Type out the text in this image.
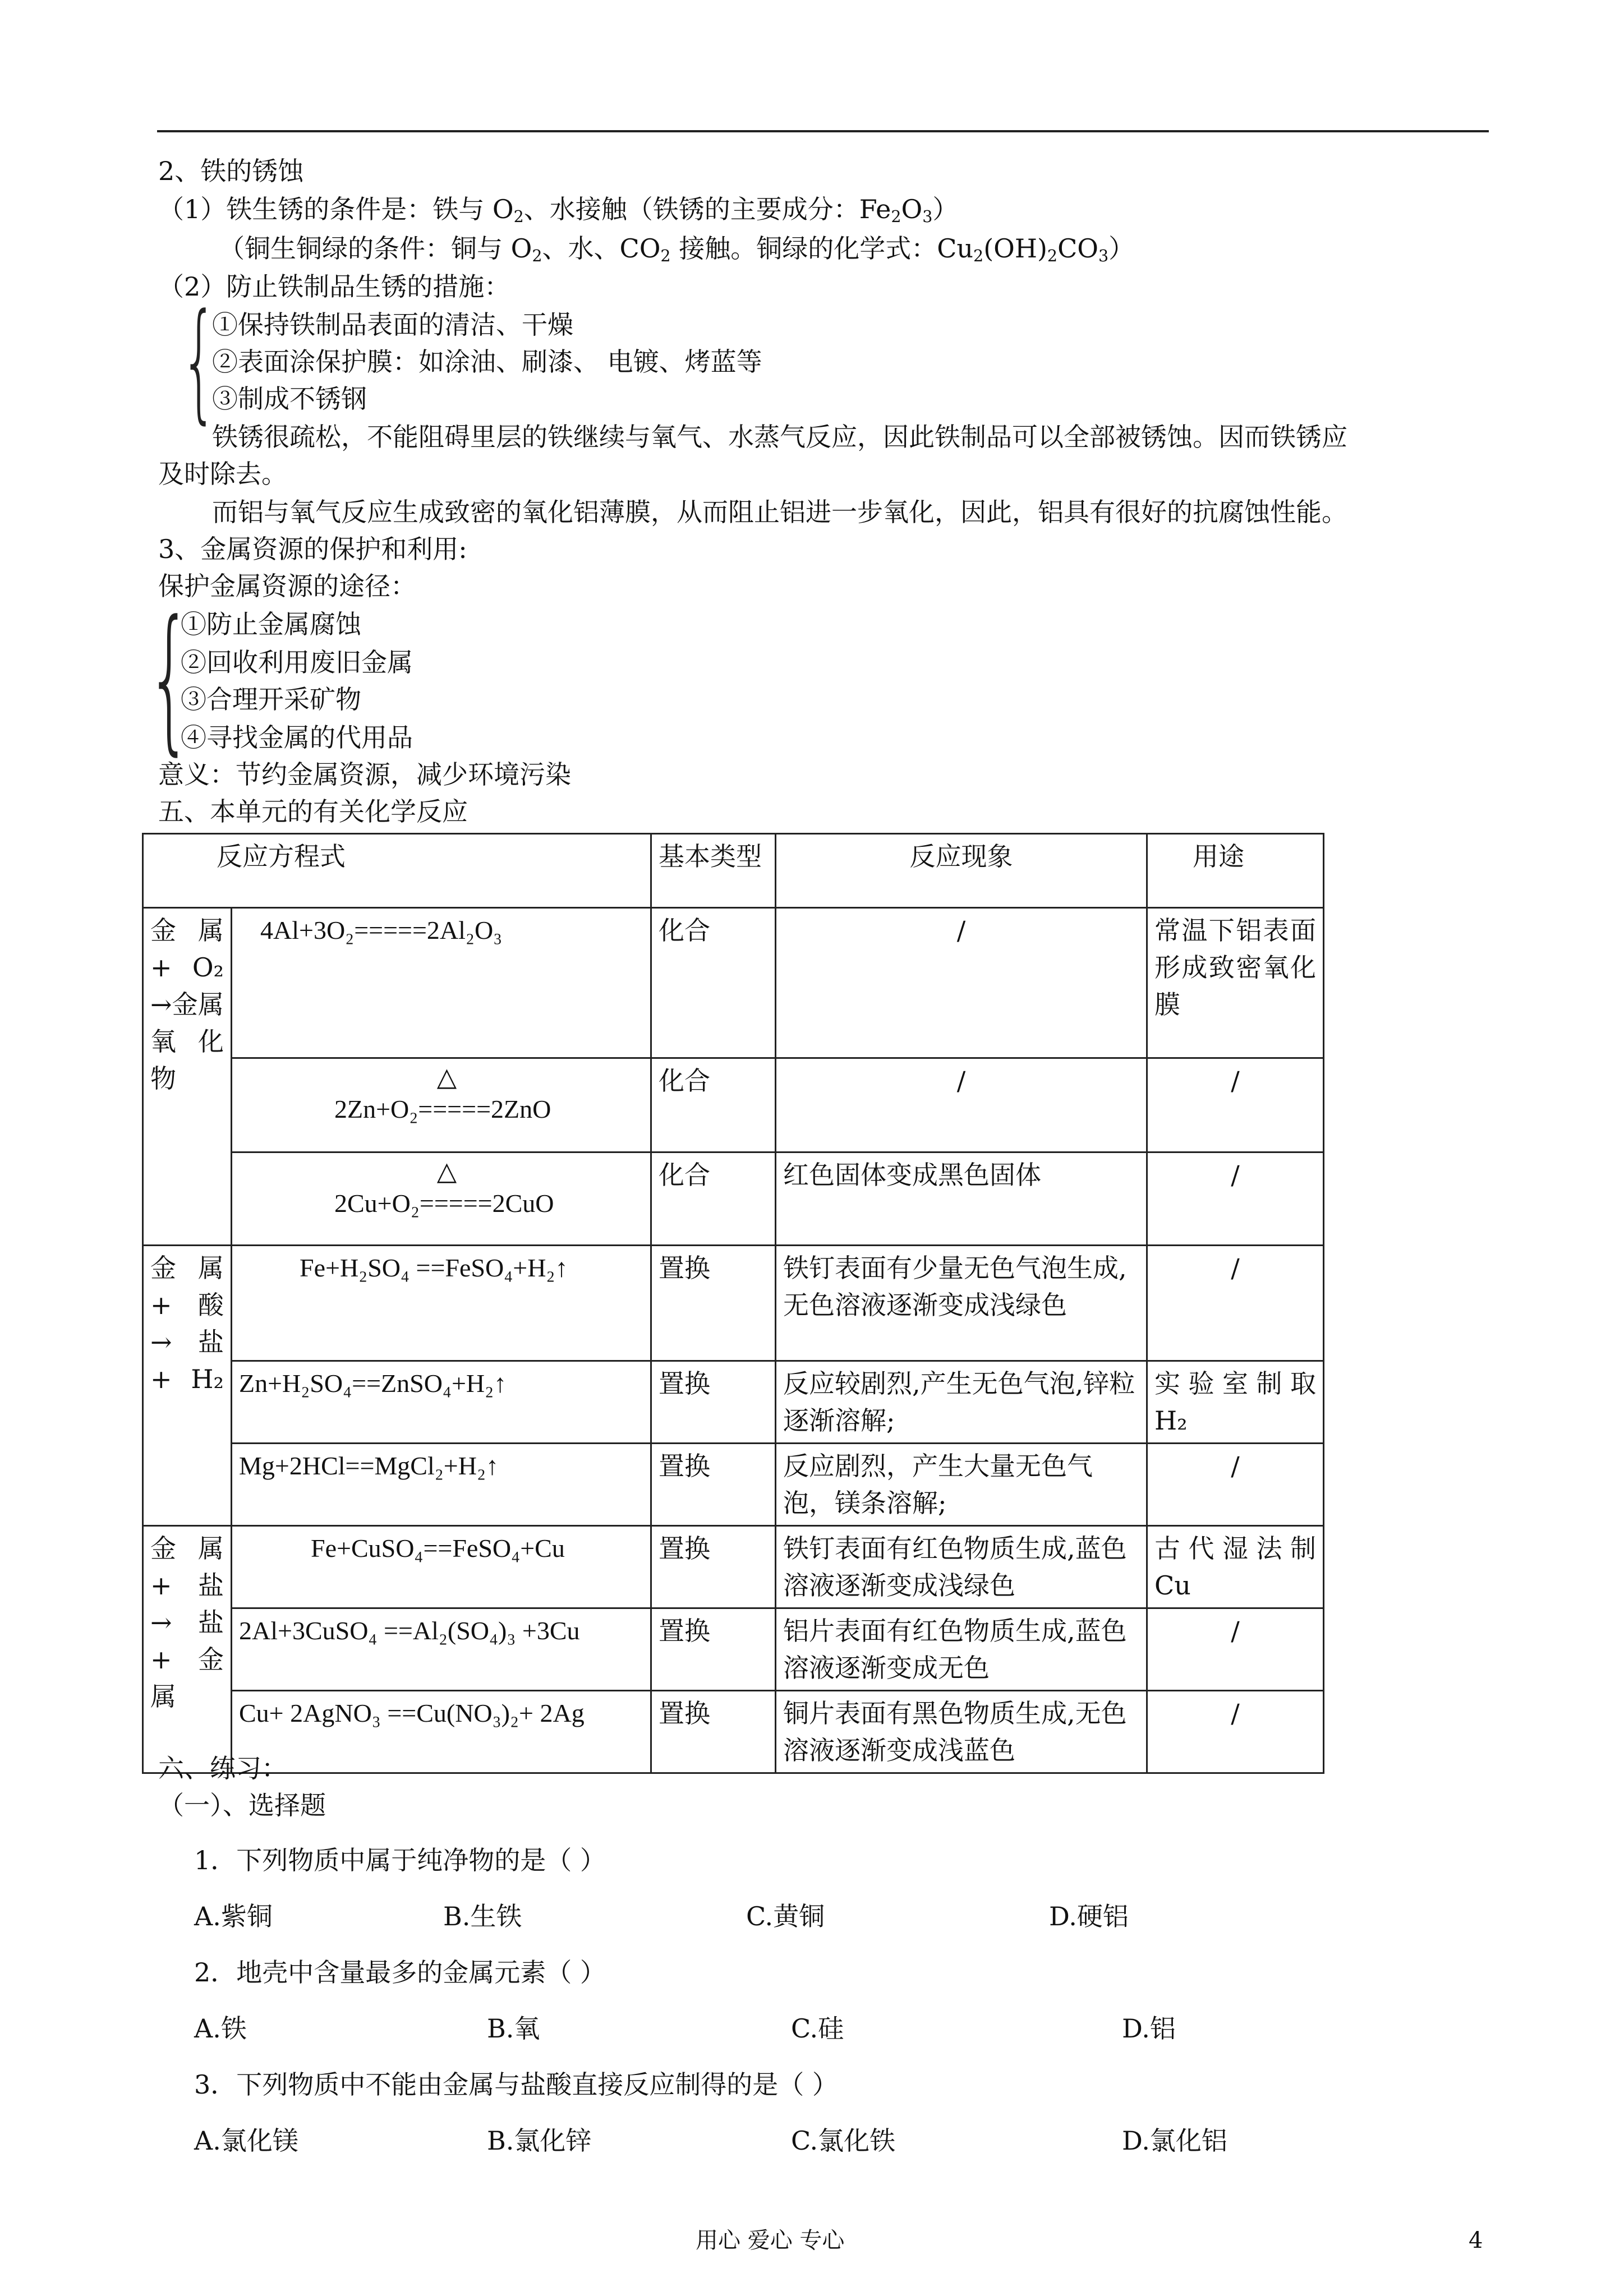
2、铁的锈蚀
（1）铁生锈的条件是：铁与 $O_2$、水接触（铁锈的主要成分：$Fe_2O_3$）
（铜生铜绿的条件：铜与 $O_2$、水、$CO_2$ 接触。铜绿的化学式：$Cu_2(OH)_2CO_3$）
（2）防止铁制品生锈的措施：
{
①保持铁制品表面的清洁、干燥
②表面涂保护膜：如涂油、刷漆、 电镀、烤蓝等
③制成不锈钢
铁锈很疏松，不能阻碍里层的铁继续与氧气、水蒸气反应，因此铁制品可以全部被锈蚀。因而铁锈应
及时除去。
而铝与氧气反应生成致密的氧化铝薄膜，从而阻止铝进一步氧化，因此，铝具有很好的抗腐蚀性能。
3、金属资源的保护和利用:
保护金属资源的途径：
{
①防止金属腐蚀
②回收利用废旧金属
③合理开采矿物
④寻找金属的代用品
意义：节约金属资源，减少环境污染
五、本单元的有关化学反应
反应方程式		基本类型	反应现象	用途
金属 + O₂ →金属氧化物	4Al+3O₂=====2Al₂O₃	化合	/	常温下铝表面形成致密氧化膜

	△
2Zn+O₂=====2ZnO	化合	/	/

	△
2Cu+O₂=====2CuO	化合	红色固体变成黑色固体	/
金属 + 酸 →盐 + H₂	Fe+H₂SO₄ ==FeSO₄+H₂↑	置换	铁钉表面有少量无色气泡生成,无色溶液逐渐变成浅绿色	/
	Zn+H₂SO₄==ZnSO₄+H₂↑	置换	反应较剧烈,产生无色气泡,锌粒逐渐溶解;	实验室制取H₂
	Mg+2HCl==MgCl₂+H₂↑	置换	反应剧烈，产生大量无色气泡，镁条溶解;	/
金属 + 盐 →盐 + 金属	Fe+CuSO₄==FeSO₄+Cu	置换	铁钉表面有红色物质生成,蓝色溶液逐渐变成浅绿色	古代湿法制Cu
	2Al+3CuSO₄ ==Al₂(SO₄)₃ +3Cu	置换	铝片表面有红色物质生成,蓝色溶液逐渐变成无色	/
	Cu+ 2AgNO₃ ==Cu(NO₃)₂+ 2Ag	置换	铜片表面有黑色物质生成,无色溶液逐渐变成浅蓝色	/
六、练习：
（一）、选择题
1．下列物质中属于纯净物的是（ ）
A.紫铜	B.生铁	C.黄铜	D.硬铝
2．地壳中含量最多的金属元素（ ）
A.铁	B.氧	C.硅	D.铝
3．下列物质中不能由金属与盐酸直接反应制得的是（ ）
A.氯化镁	B.氯化锌	C.氯化铁	D.氯化铝
用心 爱心 专心	4
